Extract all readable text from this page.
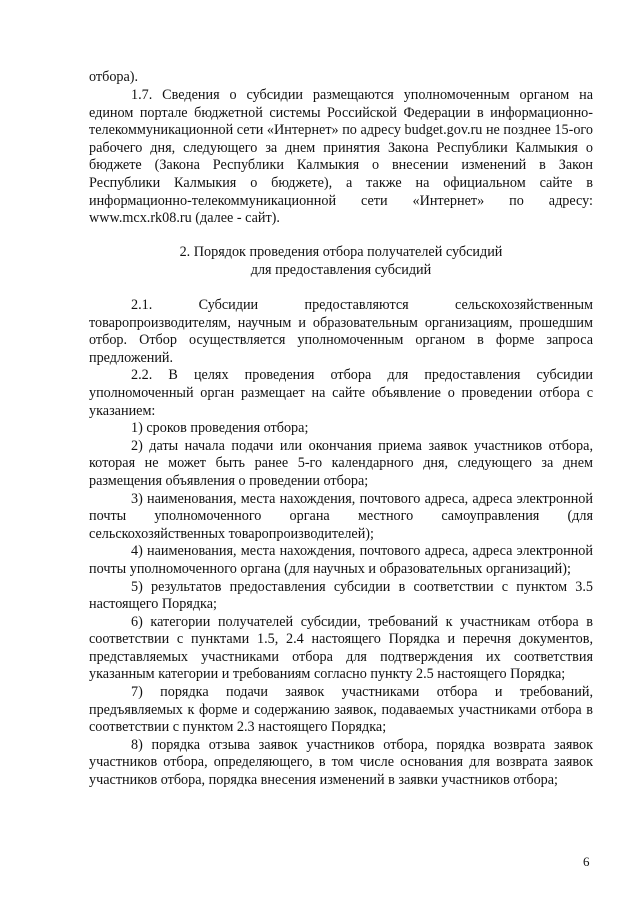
отбора).

1.7. Сведения о субсидии размещаются уполномоченным органом на едином портале бюджетной системы Российской Федерации в информационно-телекоммуникационной сети «Интернет» по адресу budget.gov.ru не позднее 15-ого рабочего дня, следующего за днем принятия Закона Республики Калмыкия о бюджете (Закона Республики Калмыкия о внесении изменений в Закон Республики Калмыкия о бюджете), а также на официальном сайте в информационно-телекоммуникационной сети «Интернет» по адресу: www.mcx.rk08.ru (далее - сайт).

2. Порядок проведения отбора получателей субсидий

для предоставления субсидий

2.1. Субсидии предоставляются сельскохозяйственным товаропроизводителям, научным и образовательным организациям, прошедшим отбор. Отбор осуществляется уполномоченным органом в форме запроса предложений.

2.2. В целях проведения отбора для предоставления субсидии уполномоченный орган размещает на сайте объявление о проведении отбора с указанием:

1) сроков проведения отбора;

2) даты начала подачи или окончания приема заявок участников отбора, которая не может быть ранее 5-го календарного дня, следующего за днем размещения объявления о проведении отбора;

3) наименования, места нахождения, почтового адреса, адреса электронной почты уполномоченного органа местного самоуправления (для сельскохозяйственных товаропроизводителей);

4) наименования, места нахождения, почтового адреса, адреса электронной почты уполномоченного органа (для научных и образовательных организаций);

5) результатов предоставления субсидии в соответствии с пунктом 3.5 настоящего Порядка;

6) категории получателей субсидии, требований к участникам отбора в соответствии с пунктами 1.5, 2.4 настоящего Порядка и перечня документов, представляемых участниками отбора для подтверждения их соответствия указанным категории и требованиям согласно пункту 2.5 настоящего Порядка;

7) порядка подачи заявок участниками отбора и требований, предъявляемых к форме и содержанию заявок, подаваемых участниками отбора в соответствии с пунктом 2.3 настоящего Порядка;

8) порядка отзыва заявок участников отбора, порядка возврата заявок участников отбора, определяющего, в том числе основания для возврата заявок участников отбора, порядка внесения изменений в заявки участников отбора;

6
